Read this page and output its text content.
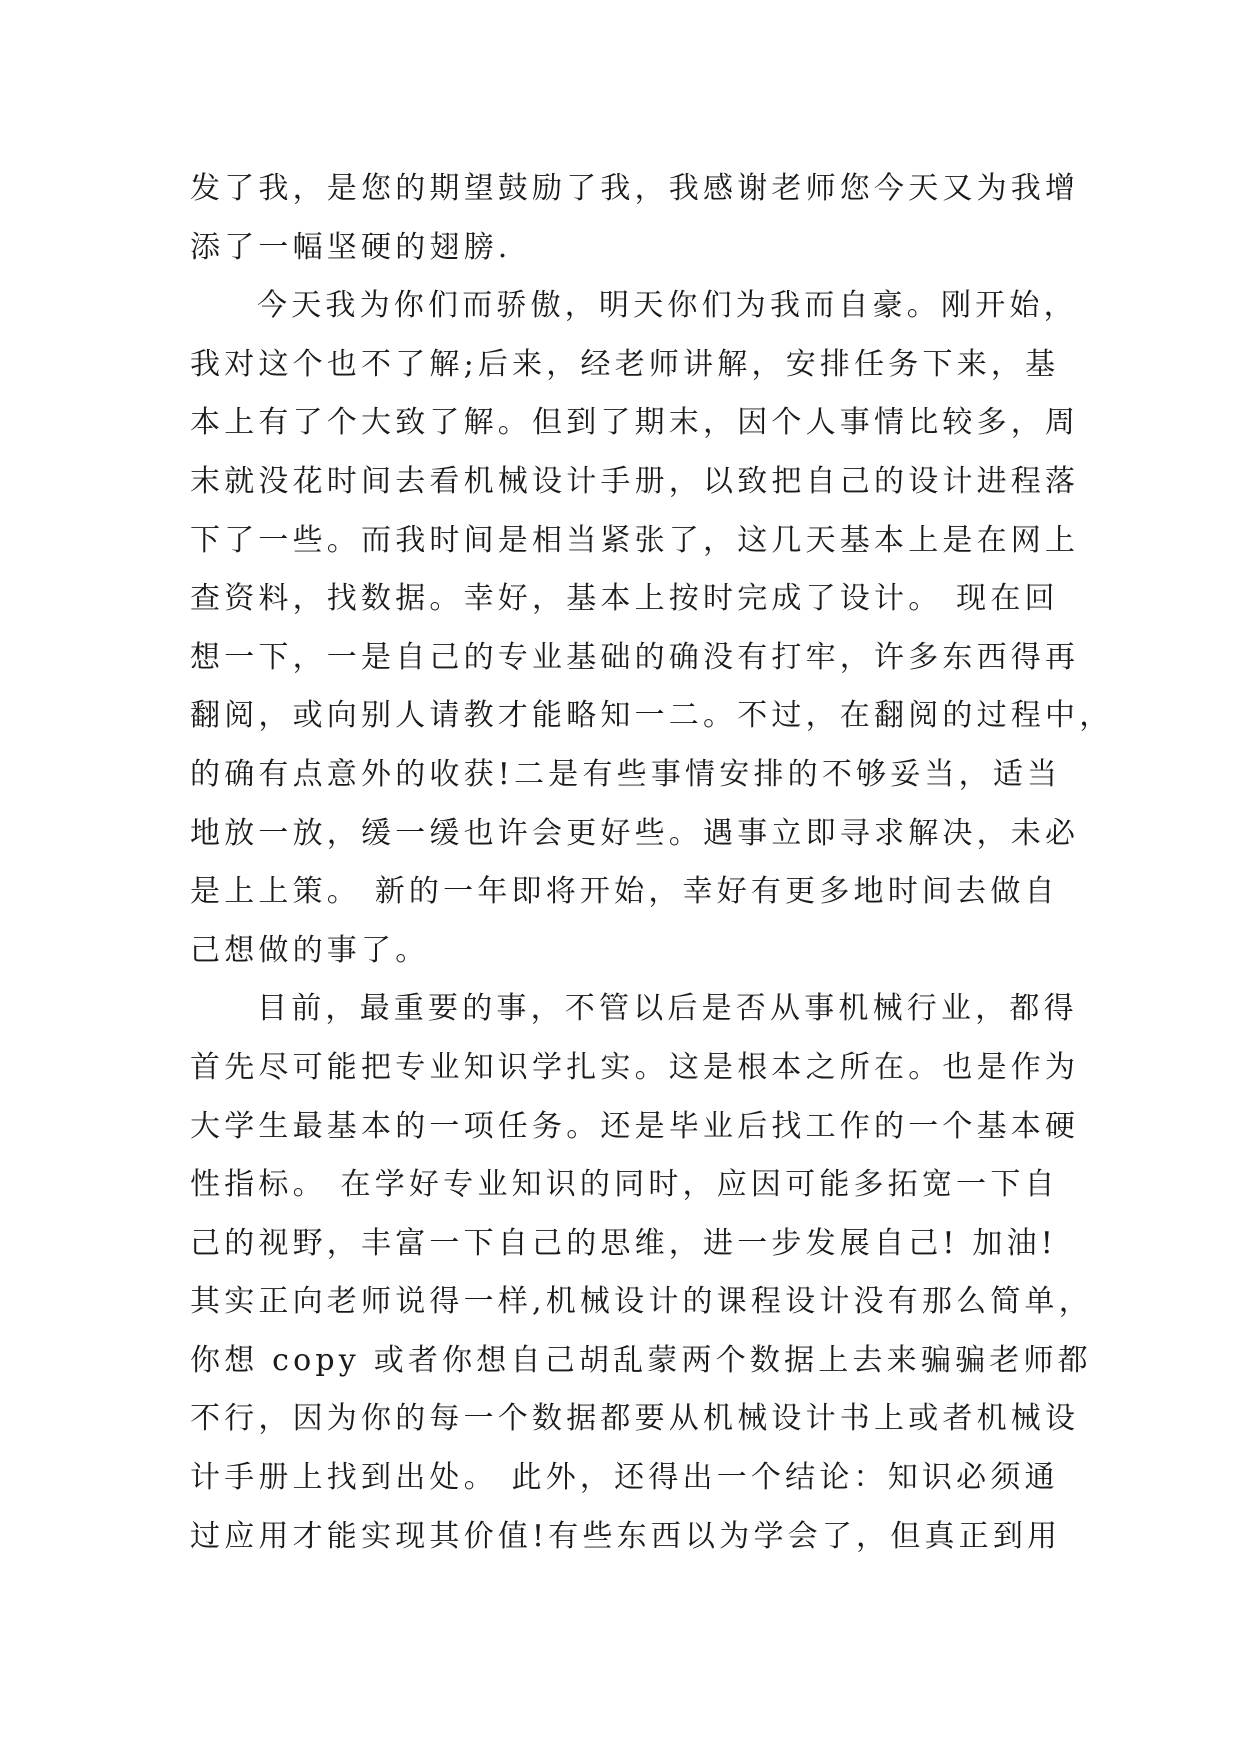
发了我，是您的期望鼓励了我，我感谢老师您今天又为我增
添了一幅坚硬的翅膀.
今天我为你们而骄傲，明天你们为我而自豪。刚开始，
我对这个也不了解;后来，经老师讲解，安排任务下来，基
本上有了个大致了解。但到了期末，因个人事情比较多，周
末就没花时间去看机械设计手册，以致把自己的设计进程落
下了一些。而我时间是相当紧张了，这几天基本上是在网上
查资料，找数据。幸好，基本上按时完成了设计。 现在回
想一下，一是自己的专业基础的确没有打牢，许多东西得再
翻阅，或向别人请教才能略知一二。不过，在翻阅的过程中，
的确有点意外的收获!二是有些事情安排的不够妥当，适当
地放一放，缓一缓也许会更好些。遇事立即寻求解决，未必
是上上策。 新的一年即将开始，幸好有更多地时间去做自
己想做的事了。
目前，最重要的事，不管以后是否从事机械行业，都得
首先尽可能把专业知识学扎实。这是根本之所在。也是作为
大学生最基本的一项任务。还是毕业后找工作的一个基本硬
性指标。 在学好专业知识的同时，应因可能多拓宽一下自
己的视野，丰富一下自己的思维，进一步发展自己! 加油!
其实正向老师说得一样,机械设计的课程设计没有那么简单，
你想 copy 或者你想自己胡乱蒙两个数据上去来骗骗老师都
不行，因为你的每一个数据都要从机械设计书上或者机械设
计手册上找到出处。 此外，还得出一个结论：知识必须通
过应用才能实现其价值!有些东西以为学会了，但真正到用
